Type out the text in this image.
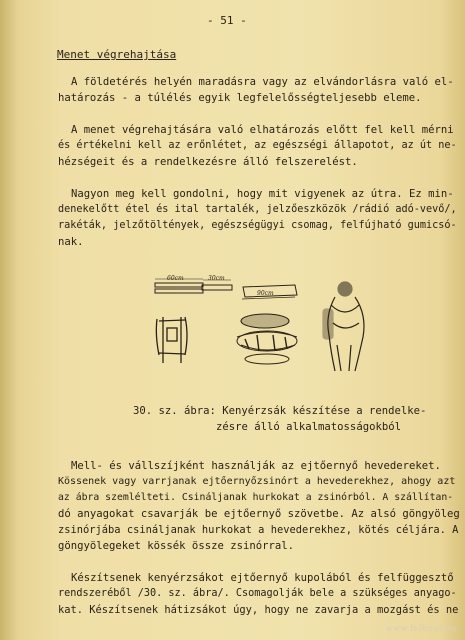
- 51 -
Menet végrehajtása
A földetérés helyén maradásra vagy az elvándorlásra való el-
határozás - a túlélés egyik legfelelősségteljesebb eleme.
A menet végrehajtására való elhatározás előtt fel kell mérni
és értékelni kell az erőnlétet, az egészségi állapotot, az út ne-
hézségeit és a rendelkezésre álló felszerelést.
Nagyon meg kell gondolni, hogy mit vigyenek az útra. Ez min-
denekelőtt étel és ital tartalék, jelzőeszközök /rádió adó-vevő/,
rakéták, jelzőtöltények, egészségügyi csomag, felfújható gumicsó-
nak.
60cm	30cm
90cm
30. sz. ábra: Kenyérzsák készítése a rendelke-
zésre álló alkalmatosságokból
Mell- és vállszíjként használják az ejtőernyő hevedereket.
Kössenek vagy varrjanak ejtőernyőzsinórt a hevederekhez, ahogy azt
az ábra szemlélteti. Csináljanak hurkokat a zsinórból. A szállítan-
dó anyagokat csavarják be ejtőernyő szövetbe. Az alsó göngyöleg
zsinórjába csináljanak hurkokat a hevederekhez, kötés céljára. A
göngyölegeket kössék össze zsinórral.
Készítsenek kenyérzsákot ejtőernyő kupolából és felfüggesztő
rendszeréből /30. sz. ábra/. Csomagolják bele a szükséges anyago-
kat. Készítsenek hátizsákot úgy, hogy ne zavarja a mozgást és ne
www.felhout.hu
